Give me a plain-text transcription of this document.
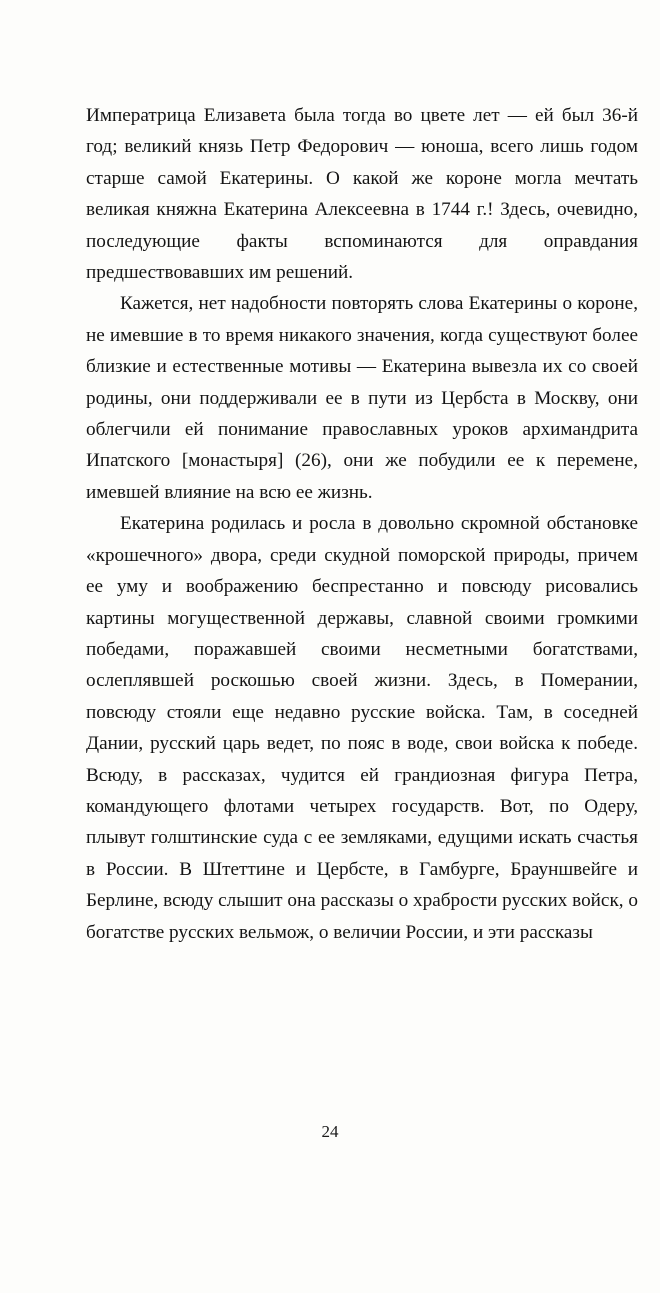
Императрица Елизавета была тогда во цвете лет — ей был 36-й год; великий князь Петр Федорович — юноша, всего лишь годом старше самой Екатерины. О какой же короне могла мечтать великая княжна Екатерина Алексеевна в 1744 г.! Здесь, очевидно, последующие факты вспоминаются для оправдания предшествовавших им решений.

Кажется, нет надобности повторять слова Екатерины о короне, не имевшие в то время никакого значения, когда существуют более близкие и естественные мотивы — Екатерина вывезла их со своей родины, они поддерживали ее в пути из Цербста в Москву, они облегчили ей понимание православных уроков архимандрита Ипатского [монастыря] (26), они же побудили ее к перемене, имевшей влияние на всю ее жизнь.

Екатерина родилась и росла в довольно скромной обстановке «крошечного» двора, среди скудной поморской природы, причем ее уму и воображению беспрестанно и повсюду рисовались картины могущественной державы, славной своими громкими победами, поражавшей своими несметными богатствами, ослеплявшей роскошью своей жизни. Здесь, в Померании, повсюду стояли еще недавно русские войска. Там, в соседней Дании, русский царь ведет, по пояс в воде, свои войска к победе. Всюду, в рассказах, чудится ей грандиозная фигура Петра, командующего флотами четырех государств. Вот, по Одеру, плывут голштинские суда с ее земляками, едущими искать счастья в России. В Штеттине и Цербсте, в Гамбурге, Брауншвейге и Берлине, всюду слышит она рассказы о храбрости русских войск, о богатстве русских вельмож, о величии России, и эти рассказы

24
